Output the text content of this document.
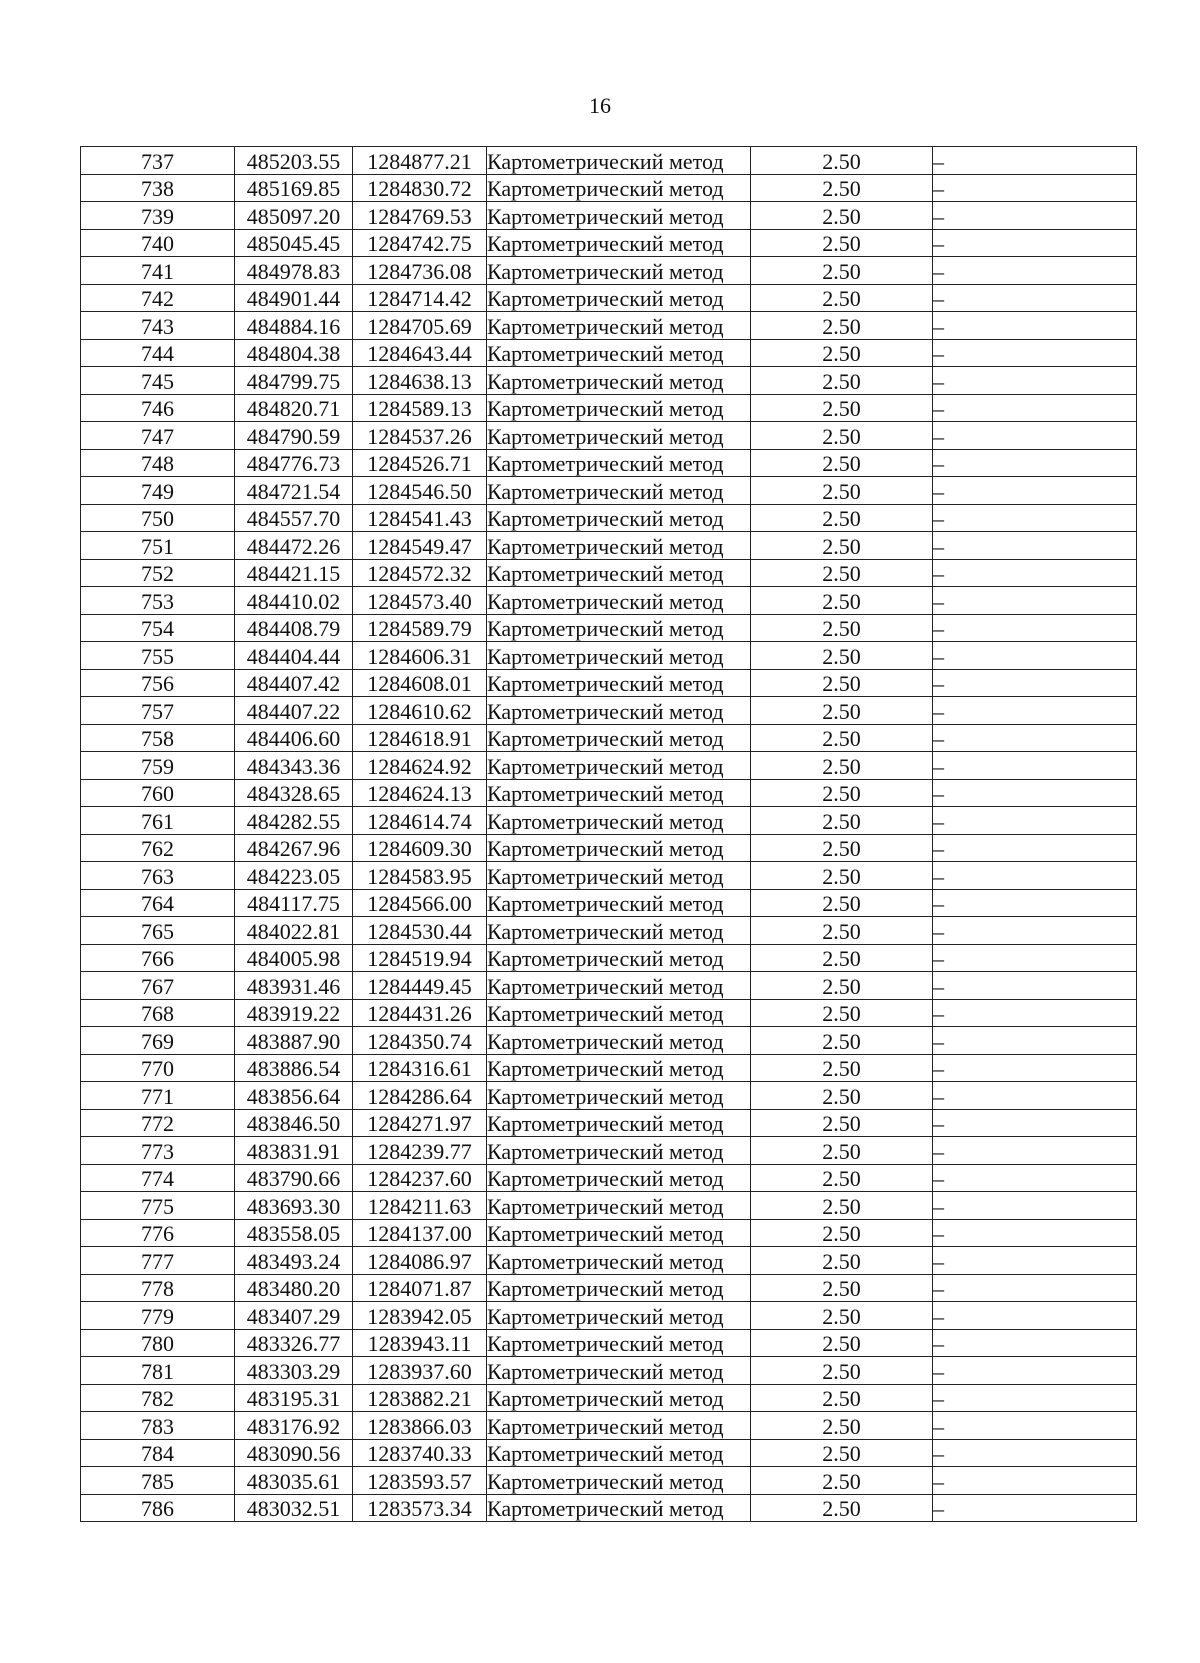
16
737	485203.55	1284877.21	Картометрический метод	2.50	–
738	485169.85	1284830.72	Картометрический метод	2.50	–
739	485097.20	1284769.53	Картометрический метод	2.50	–
740	485045.45	1284742.75	Картометрический метод	2.50	–
741	484978.83	1284736.08	Картометрический метод	2.50	–
742	484901.44	1284714.42	Картометрический метод	2.50	–
743	484884.16	1284705.69	Картометрический метод	2.50	–
744	484804.38	1284643.44	Картометрический метод	2.50	–
745	484799.75	1284638.13	Картометрический метод	2.50	–
746	484820.71	1284589.13	Картометрический метод	2.50	–
747	484790.59	1284537.26	Картометрический метод	2.50	–
748	484776.73	1284526.71	Картометрический метод	2.50	–
749	484721.54	1284546.50	Картометрический метод	2.50	–
750	484557.70	1284541.43	Картометрический метод	2.50	–
751	484472.26	1284549.47	Картометрический метод	2.50	–
752	484421.15	1284572.32	Картометрический метод	2.50	–
753	484410.02	1284573.40	Картометрический метод	2.50	–
754	484408.79	1284589.79	Картометрический метод	2.50	–
755	484404.44	1284606.31	Картометрический метод	2.50	–
756	484407.42	1284608.01	Картометрический метод	2.50	–
757	484407.22	1284610.62	Картометрический метод	2.50	–
758	484406.60	1284618.91	Картометрический метод	2.50	–
759	484343.36	1284624.92	Картометрический метод	2.50	–
760	484328.65	1284624.13	Картометрический метод	2.50	–
761	484282.55	1284614.74	Картометрический метод	2.50	–
762	484267.96	1284609.30	Картометрический метод	2.50	–
763	484223.05	1284583.95	Картометрический метод	2.50	–
764	484117.75	1284566.00	Картометрический метод	2.50	–
765	484022.81	1284530.44	Картометрический метод	2.50	–
766	484005.98	1284519.94	Картометрический метод	2.50	–
767	483931.46	1284449.45	Картометрический метод	2.50	–
768	483919.22	1284431.26	Картометрический метод	2.50	–
769	483887.90	1284350.74	Картометрический метод	2.50	–
770	483886.54	1284316.61	Картометрический метод	2.50	–
771	483856.64	1284286.64	Картометрический метод	2.50	–
772	483846.50	1284271.97	Картометрический метод	2.50	–
773	483831.91	1284239.77	Картометрический метод	2.50	–
774	483790.66	1284237.60	Картометрический метод	2.50	–
775	483693.30	1284211.63	Картометрический метод	2.50	–
776	483558.05	1284137.00	Картометрический метод	2.50	–
777	483493.24	1284086.97	Картометрический метод	2.50	–
778	483480.20	1284071.87	Картометрический метод	2.50	–
779	483407.29	1283942.05	Картометрический метод	2.50	–
780	483326.77	1283943.11	Картометрический метод	2.50	–
781	483303.29	1283937.60	Картометрический метод	2.50	–
782	483195.31	1283882.21	Картометрический метод	2.50	–
783	483176.92	1283866.03	Картометрический метод	2.50	–
784	483090.56	1283740.33	Картометрический метод	2.50	–
785	483035.61	1283593.57	Картометрический метод	2.50	–
786	483032.51	1283573.34	Картометрический метод	2.50	–
